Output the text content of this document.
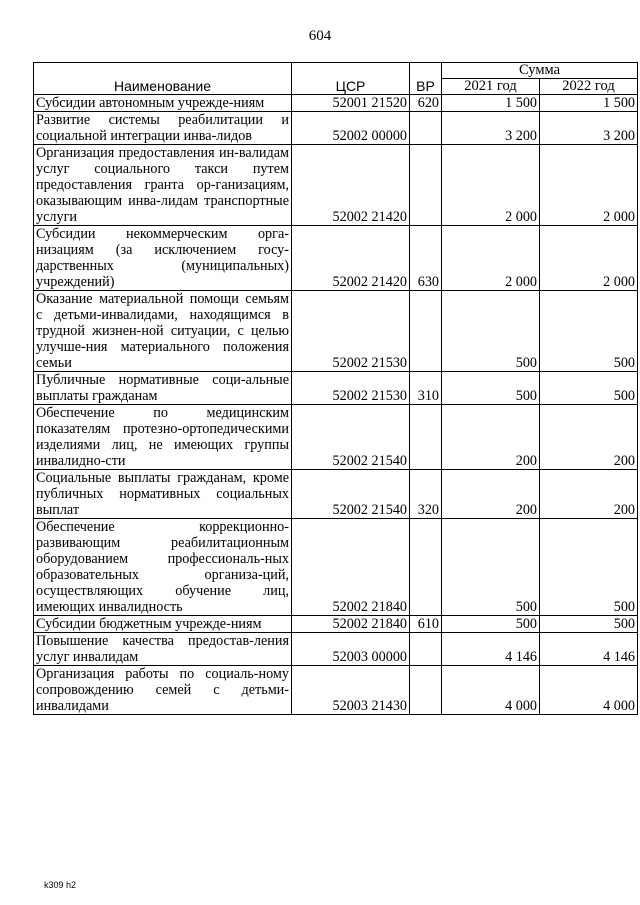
604
Наименование	ЦСР	ВР	Сумма	
			2021 год	2022 год
Субсидии автономным учрежде-ниям	52001 21520	620	1 500	1 500
Развитие системы реабилитации и социальной интеграции инва-лидов	52002 00000		3 200	3 200
Организация предоставления ин-валидам услуг социального такси путем предоставления гранта ор-ганизациям, оказывающим инва-лидам транспортные услуги	52002 21420		2 000	2 000
Субсидии некоммерческим орга-низациям (за исключением госу-дарственных (муниципальных) учреждений)	52002 21420	630	2 000	2 000
Оказание материальной помощи семьям с детьми-инвалидами, находящимся в трудной жизнен-ной ситуации, с целью улучше-ния материального положения семьи	52002 21530		500	500
Публичные нормативные соци-альные выплаты гражданам	52002 21530	310	500	500
Обеспечение по медицинским показателям протезно-ортопедическими изделиями лиц, не имеющих группы инвалидно-сти	52002 21540		200	200
Социальные выплаты гражданам, кроме публичных нормативных социальных выплат	52002 21540	320	200	200
Обеспечение коррекционно-развивающим реабилитационным оборудованием профессиональ-ных образовательных организа-ций, осуществляющих обучение лиц, имеющих инвалидность	52002 21840		500	500
Субсидии бюджетным учрежде-ниям	52002 21840	610	500	500
Повышение качества предостав-ления услуг инвалидам	52003 00000		4 146	4 146
Организация работы по социаль-ному сопровождению семей с детьми-инвалидами	52003 21430		4 000	4 000
k309 h2
